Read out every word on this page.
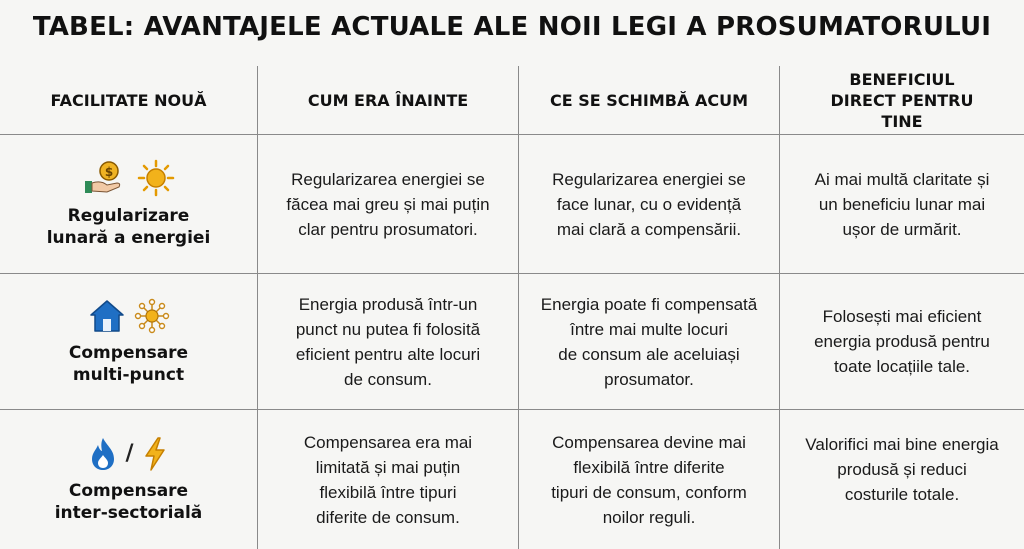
TABEL: AVANTAJELE ACTUALE ALE NOII LEGI A PROSUMATORULUI
FACILITATE NOUĂ	CUM ERA ÎNAINTE	CE SE SCHIMBĂ ACUM
BENEFICIUL DIRECT PENTRU TINE
$
Regularizare
lunară a energiei
Regularizarea energiei se
făcea mai greu și mai puțin
clar pentru prosumatori.
Regularizarea energiei se
face lunar, cu o evidență
mai clară a compensării.
Ai mai multă claritate și
un beneficiu lunar mai
ușor de urmărit.
Compensare
multi-punct
Energia produsă într-un
punct nu putea fi folosită
eficient pentru alte locuri
de consum.
Energia poate fi compensată
între mai multe locuri
de consum ale aceluiași
prosumator.
Folosești mai eficient
energia produsă pentru
toate locațiile tale.
/
Compensare
inter-sectorială
Compensarea era mai
limitată și mai puțin
flexibilă între tipuri
diferite de consum.
Compensarea devine mai
flexibilă între diferite
tipuri de consum, conform
noilor reguli.
Valorifici mai bine energia
produsă și reduci
costurile totale.
